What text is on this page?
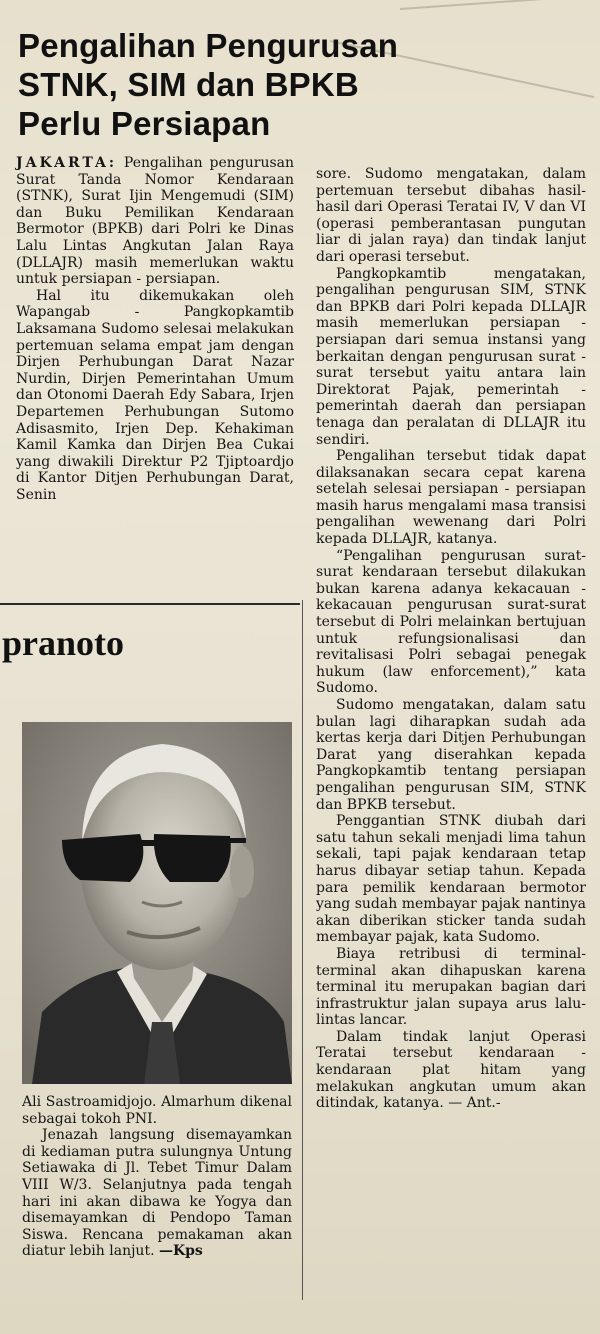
Pengalihan Pengurusan
STNK, SIM dan BPKB
Perlu Persiapan

JAKARTA: Pengalihan pengurusan Surat Tanda Nomor Kendaraan (STNK), Surat Ijin Mengemudi (SIM) dan Buku Pemilikan Kendaraan Bermotor (BPKB) dari Polri ke Dinas Lalu Lintas Angkutan Jalan Raya (DLLAJR) masih memerlukan waktu untuk persiapan - persiapan.

Hal itu dikemukakan oleh Wapangab - Pangkopkamtib Laksamana Sudomo selesai melakukan pertemuan selama empat jam dengan Dirjen Perhubungan Darat Nazar Nurdin, Dirjen Pemerintahan Umum dan Otonomi Daerah Edy Sabara, Irjen Departemen Perhubungan Sutomo Adisasmito, Irjen Dep. Kehakiman Kamil Kamka dan Dirjen Bea Cukai yang diwakili Direktur P2 Tjiptoardjo di Kantor Ditjen Perhubungan Darat, Senin

sore. Sudomo mengatakan, dalam pertemuan tersebut dibahas hasil-hasil dari Operasi Teratai IV, V dan VI (operasi pemberantasan pungutan liar di jalan raya) dan tindak lanjut dari operasi tersebut.

Pangkopkamtib mengatakan, pengalihan pengurusan SIM, STNK dan BPKB dari Polri kepada DLLAJR masih memerlukan persiapan - persiapan dari semua instansi yang berkaitan dengan pengurusan surat - surat tersebut yaitu antara lain Direktorat Pajak, pemerintah - pemerintah daerah dan persiapan tenaga dan peralatan di DLLAJR itu sendiri.

Pengalihan tersebut tidak dapat dilaksanakan secara cepat karena setelah selesai persiapan - persiapan masih harus mengalami masa transisi pengalihan wewenang dari Polri kepada DLLAJR, katanya.

“Pengalihan pengurusan surat-surat kendaraan tersebut dilakukan bukan karena adanya kekacauan - kekacauan pengurusan surat-surat tersebut di Polri melainkan bertujuan untuk refungsionalisasi dan revitalisasi Polri sebagai penegak hukum (law enforcement),” kata Sudomo.

Sudomo mengatakan, dalam satu bulan lagi diharapkan sudah ada kertas kerja dari Ditjen Perhubungan Darat yang diserahkan kepada Pangkopkamtib tentang persiapan pengalihan pengurusan SIM, STNK dan BPKB tersebut.

Penggantian STNK diubah dari satu tahun sekali menjadi lima tahun sekali, tapi pajak kendaraan tetap harus dibayar setiap tahun. Kepada para pemilik kendaraan bermotor yang sudah membayar pajak nantinya akan diberikan sticker tanda sudah membayar pajak, kata Sudomo.

Biaya retribusi di terminal-terminal akan dihapuskan karena terminal itu merupakan bagian dari infrastruktur jalan supaya arus lalu-lintas lancar.

Dalam tindak lanjut Operasi Teratai tersebut kendaraan - kendaraan plat hitam yang melakukan angkutan umum akan ditindak, katanya. — Ant.-

pranoto

Ali Sastroamidjojo. Almarhum dikenal sebagai tokoh PNI.

Jenazah langsung disemayamkan di kediaman putra sulungnya Untung Setiawaka di Jl. Tebet Timur Dalam VIII W/3. Selanjutnya pada tengah hari ini akan dibawa ke Yogya dan disemayamkan di Pendopo Taman Siswa. Rencana pemakaman akan diatur lebih lanjut. —Kps
